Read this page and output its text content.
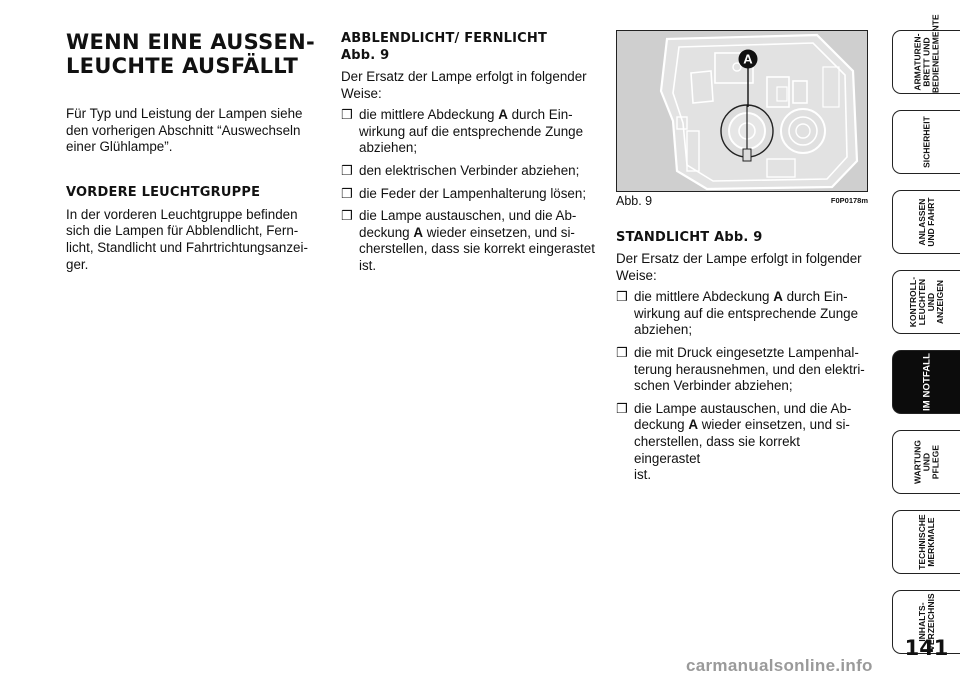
WENN EINE AUSSEN-
LEUCHTE AUSFÄLLT

Für Typ und Leistung der Lampen siehe
den vorherigen Abschnitt “Auswechseln
einer Glühlampe”.

VORDERE LEUCHTGRUPPE

In der vorderen Leuchtgruppe befinden
sich die Lampen für Abblendlicht, Fern-
licht, Standlicht und Fahrtrichtungsanzei-
ger.

ABBLENDLICHT/ FERNLICHT
Abb. 9

Der Ersatz der Lampe erfolgt in folgender
Weise:

❒ die mittlere Abdeckung A durch Ein-
wirkung auf die entsprechende Zunge
abziehen;
❒ den elektrischen Verbinder abziehen;
❒ die Feder der Lampenhalterung lösen;
❒ die Lampe austauschen, und die Ab-
deckung A wieder einsetzen, und si-
cherstellen, dass sie korrekt eingerastet
ist.
A
Abb. 9	F0P0178m
STANDLICHT Abb. 9

Der Ersatz der Lampe erfolgt in folgender
Weise:

❒ die mittlere Abdeckung A durch Ein-
wirkung auf die entsprechende Zunge
abziehen;
❒ die mit Druck eingesetzte Lampenhal-
terung herausnehmen, und den elektri-
schen Verbinder abziehen;
❒ die Lampe austauschen, und die Ab-
deckung A wieder einsetzen, und si-
cherstellen, dass sie korrekt eingerastet
ist.
ARMATUREN-
BRETT UND
BEDIENELEMENTE
SICHERHEIT
ANLASSEN
UND FAHRT
KONTROLL-
LEUCHTEN UND
ANZEIGEN
IM NOTFALL
WARTUNG UND
PFLEGE
TECHNISCHE
MERKMALE
INHALTS-
VERZEICHNIS
141
carmanualsonline.info
